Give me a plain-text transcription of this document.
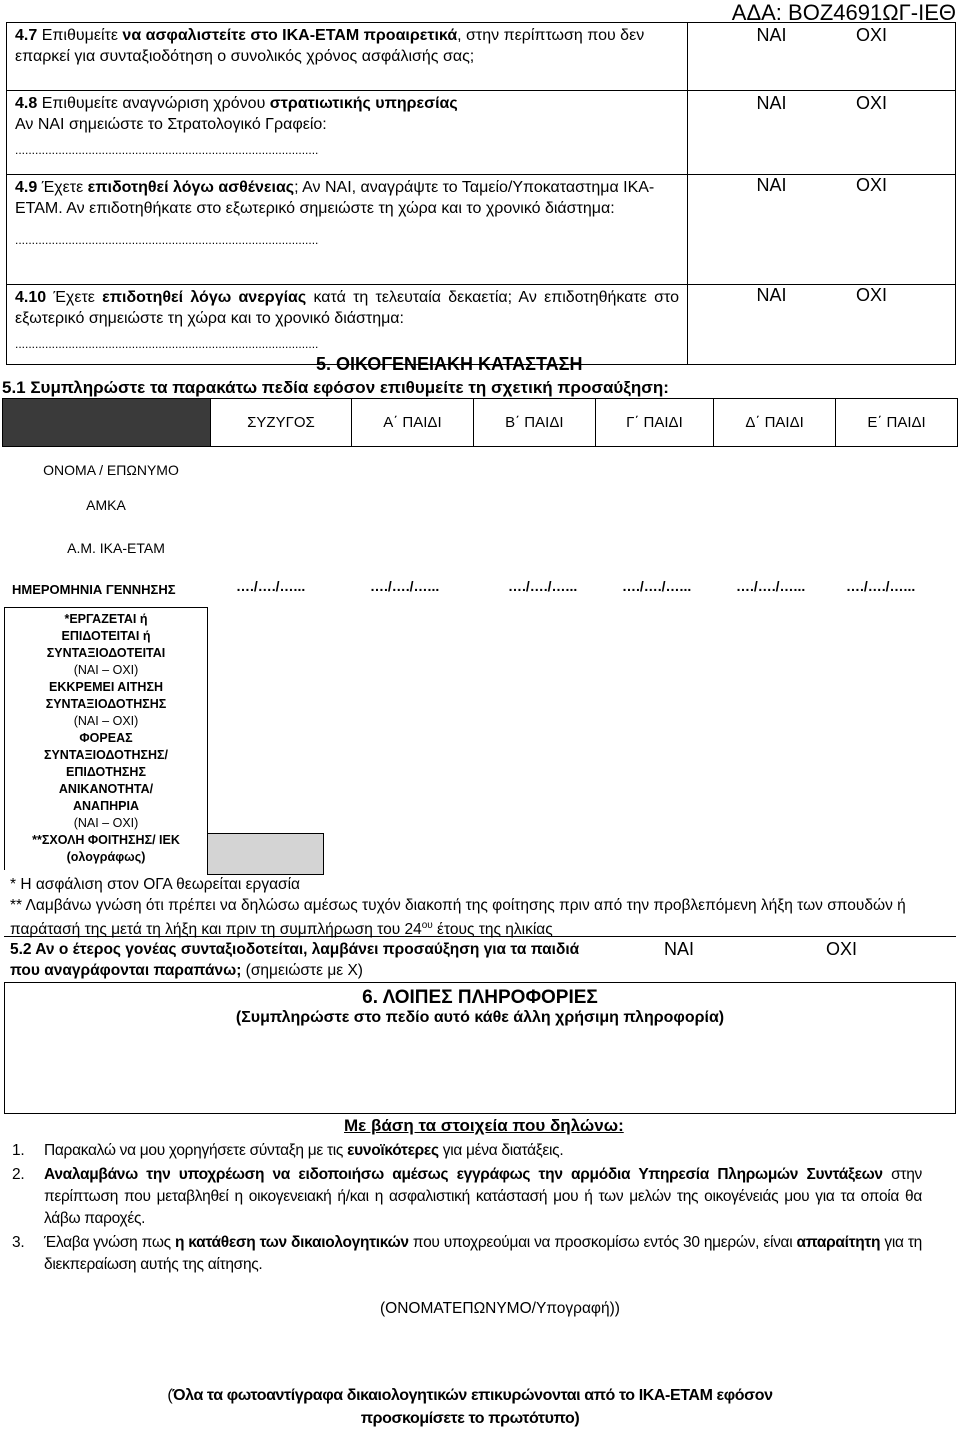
ΑΔΑ: ΒΟΖ4691ΩΓ-ΙΕΘ
4.7 Επιθυμείτε να ασφαλιστείτε στο ΙΚΑ-ΕΤΑΜ προαιρετικά, στην περίπτωση που δεν επαρκεί για συνταξιοδότηση ο συνολικός χρόνος ασφάλισής σας;	ΝΑΙ ΟΧΙ
4.8 Επιθυμείτε αναγνώριση χρόνου στρατιωτικής υπηρεσίας
Αν ΝΑΙ σημειώστε το Στρατολογικό Γραφείο:
...........................................................................................	ΝΑΙ ΟΧΙ
4.9 Έχετε επιδοτηθεί λόγω ασθένειας; Αν ΝΑΙ, αναγράψτε το Ταμείο/Υποκαταστημα ΙΚΑ-ΕΤΑΜ. Αν επιδοτηθήκατε στο εξωτερικό σημειώστε τη χώρα και το χρονικό διάστημα:
...........................................................................................	ΝΑΙ ΟΧΙ
4.10 Έχετε επιδοτηθεί λόγω ανεργίας κατά τη τελευταία δεκαετία; Αν επιδοτηθήκατε στο εξωτερικό σημειώστε τη χώρα και το χρονικό διάστημα:
...........................................................................................	ΝΑΙ ΟΧΙ
5. ΟΙΚΟΓΕΝΕΙΑΚΗ ΚΑΤΑΣΤΑΣΗ
5.1 Συμπληρώστε τα παρακάτω πεδία εφόσον επιθυμείτε τη σχετική προσαύξηση:
	ΣΥΖΥΓΟΣ	Α΄ ΠΑΙΔΙ	Β΄ ΠΑΙΔΙ	Γ΄ ΠΑΙΔΙ	Δ΄ ΠΑΙΔΙ	Ε΄ ΠΑΙΔΙ
ΟΝΟΜΑ / ΕΠΩΝΥΜΟ
ΑΜΚΑ
Α.Μ. ΙΚΑ-ΕΤΑΜ
ΗΜΕΡΟΜΗΝΙΑ ΓΕΝΝΗΣΗΣ	…./…./…...	…./…./…...	…./…./…...	…./…./…...	…./…./…...	…./…./…...
*ΕΡΓΑΖΕΤΑΙ ή ΕΠΙΔΟΤΕΙΤΑΙ ή ΣΥΝΤΑΞΙΟΔΟΤΕΙΤΑΙ
(ΝΑΙ – ΟΧΙ)
ΕΚΚΡΕΜΕΙ ΑΙΤΗΣΗ ΣΥΝΤΑΞΙΟΔΟΤΗΣΗΣ
(ΝΑΙ – ΟΧΙ)
ΦΟΡΕΑΣ ΣΥΝΤΑΞΙΟΔΟΤΗΣΗΣ/ ΕΠΙΔΟΤΗΣΗΣ
ΑΝΙΚΑΝΟΤΗΤΑ/ ΑΝΑΠΗΡΙΑ
(ΝΑΙ – ΟΧΙ)
**ΣΧΟΛΗ ΦΟΙΤΗΣΗΣ/ ΙΕΚ (ολογράφως)
* Η ασφάλιση στον ΟΓΑ θεωρείται εργασία
** Λαμβάνω γνώση ότι πρέπει να δηλώσω αμέσως τυχόν διακοπή της φοίτησης πριν από την προβλεπόμενη λήξη των σπουδών ή παράτασή της μετά τη λήξη και πριν τη συμπλήρωση του $24^{o\upsilon}$ έτους της ηλικίας
5.2 Αν ο έτερος γονέας συνταξιοδοτείται, λαμβάνει προσαύξηση για τα παιδιά που αναγράφονται παραπάνω; (σημειώστε με Χ)
ΝΑΙ	ΟΧΙ
6. ΛΟΙΠΕΣ ΠΛΗΡΟΦΟΡΙΕΣ
(Συμπληρώστε στο πεδίο αυτό κάθε άλλη χρήσιμη πληροφορία)
Με βάση τα στοιχεία που δηλώνω:
1.	Παρακαλώ να μου χορηγήσετε σύνταξη με τις ευνοϊκότερες για μένα διατάξεις.
2.	Αναλαμβάνω την υποχρέωση να ειδοποιήσω αμέσως εγγράφως την αρμόδια Υπηρεσία Πληρωμών Συντάξεων στην περίπτωση που μεταβληθεί η οικογενειακή ή/και η ασφαλιστική κατάστασή μου ή των μελών της οικογένειάς μου για τα οποία θα λάβω παροχές.
3.	Έλαβα γνώση πως η κατάθεση των δικαιολογητικών που υποχρεούμαι να προσκομίσω εντός 30 ημερών, είναι απαραίτητη για τη διεκπεραίωση αυτής της αίτησης.
(ΟΝΟΜΑΤΕΠΩΝΥΜΟ/Υπογραφή))
(Όλα τα φωτοαντίγραφα δικαιολογητικών επικυρώνονται από το ΙΚΑ-ΕΤΑΜ εφόσον προσκομίσετε το πρωτότυπο)
